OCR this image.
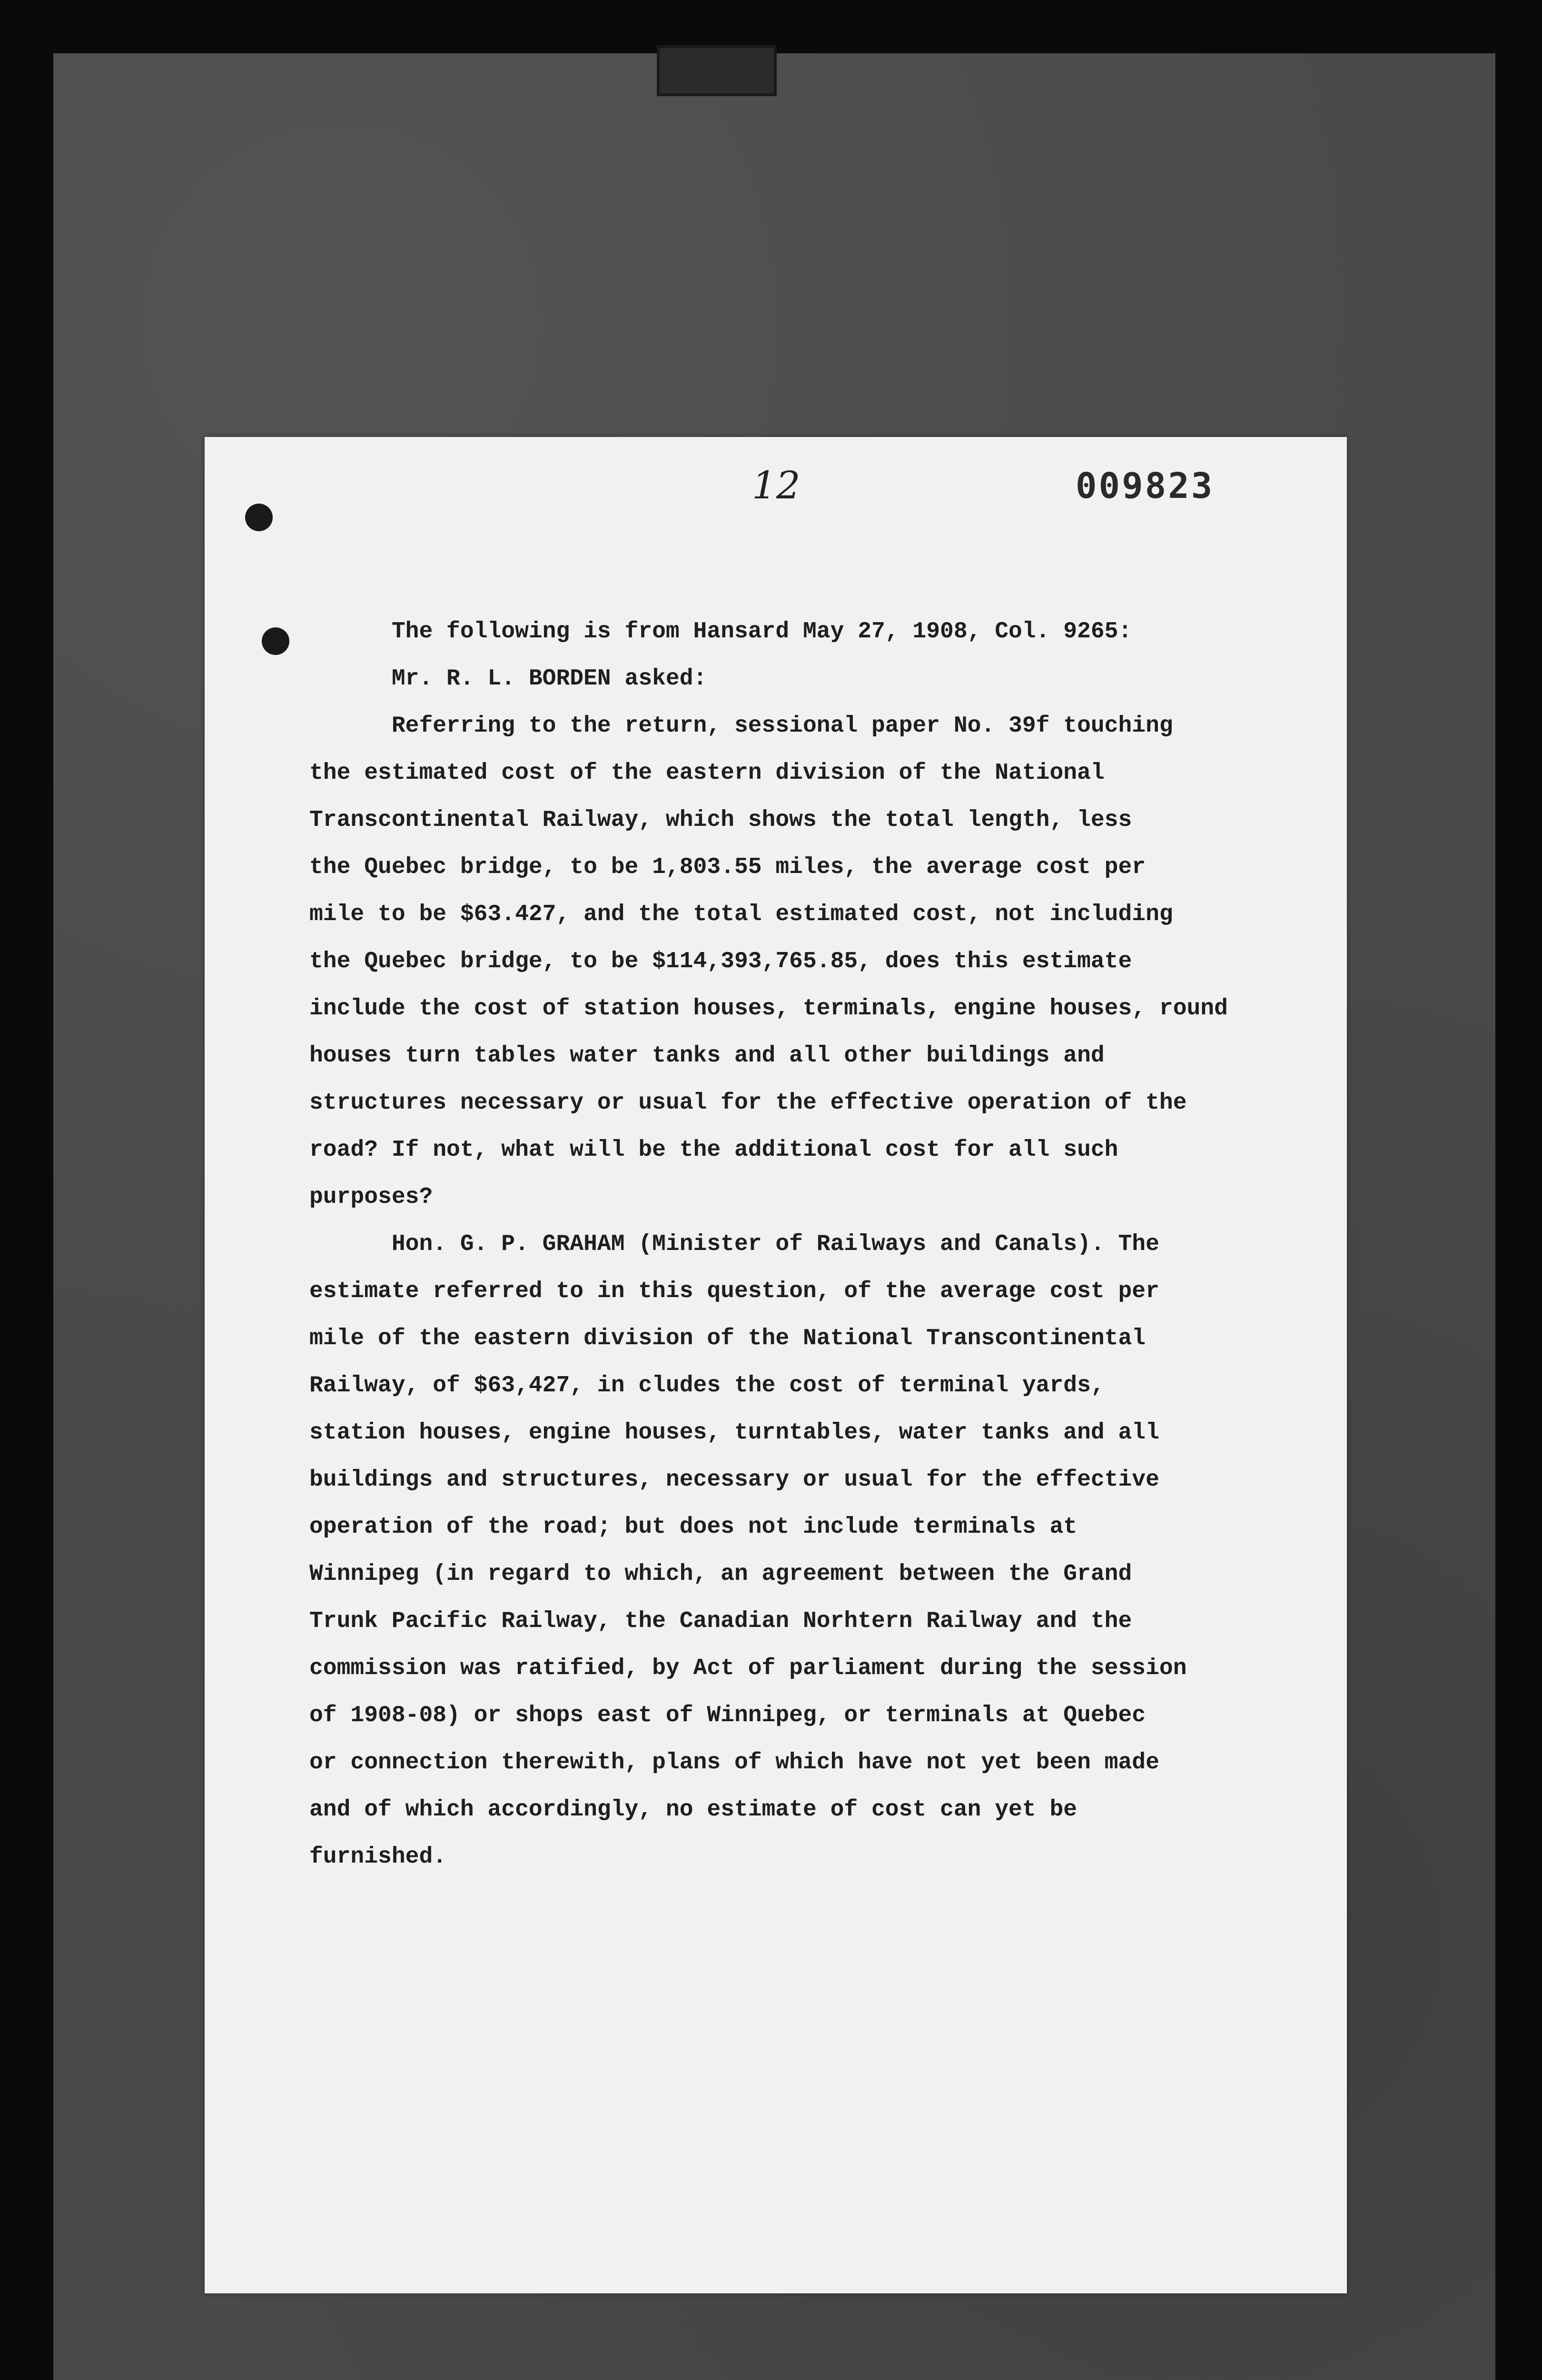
12	009823
The following is from Hansard May 27, 1908, Col. 9265:
Mr. R. L. BORDEN asked:
Referring to the return, sessional paper No. 39f touching
the estimated cost of the eastern division of the National
Transcontinental Railway, which shows the total length, less
the Quebec bridge, to be 1,803.55 miles, the average cost per
mile to be $63.427, and the total estimated cost, not including
the Quebec bridge, to be $114,393,765.85, does this estimate
include the cost of station houses, terminals, engine houses, round
houses turn tables water tanks and all other buildings and
structures necessary or usual for the effective operation of the
road? If not, what will be the additional cost for all such
purposes?
Hon. G. P. GRAHAM (Minister of Railways and Canals). The
estimate referred to in this question, of the average cost per
mile of the eastern division of the National Transcontinental
Railway, of $63,427, in cludes the cost of terminal yards,
station houses, engine houses, turntables, water tanks and all
buildings and structures, necessary or usual for the effective
operation of the road; but does not include terminals at
Winnipeg (in regard to which, an agreement between the Grand
Trunk Pacific Railway, the Canadian Norhtern Railway and the
commission was ratified, by Act of parliament during the session
of 1908-08) or shops east of Winnipeg, or terminals at Quebec
or connection therewith, plans of which have not yet been made
and of which accordingly, no estimate of cost can yet be
furnished.
